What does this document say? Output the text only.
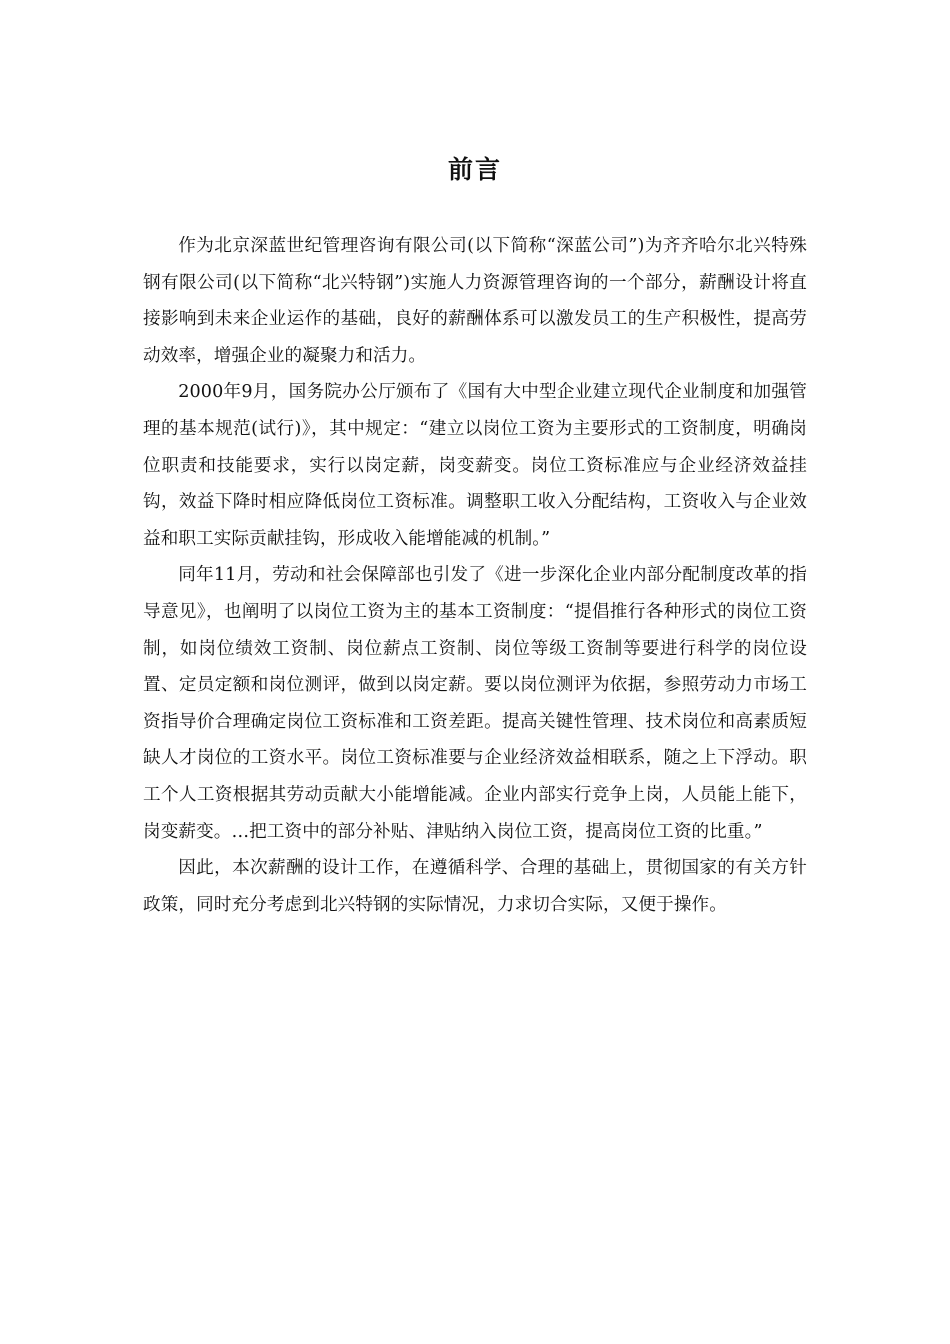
前言

作为北京深蓝世纪管理咨询有限公司(以下简称“深蓝公司”)为齐齐哈尔北兴特殊钢有限公司(以下简称“北兴特钢”)实施人力资源管理咨询的一个部分，薪酬设计将直接影响到未来企业运作的基础，良好的薪酬体系可以激发员工的生产积极性，提高劳动效率，增强企业的凝聚力和活力。

2000年9月，国务院办公厅颁布了《国有大中型企业建立现代企业制度和加强管理的基本规范(试行)》，其中规定：“建立以岗位工资为主要形式的工资制度，明确岗位职责和技能要求，实行以岗定薪，岗变薪变。岗位工资标准应与企业经济效益挂钩，效益下降时相应降低岗位工资标准。调整职工收入分配结构，工资收入与企业效益和职工实际贡献挂钩，形成收入能增能减的机制。”

同年11月，劳动和社会保障部也引发了《进一步深化企业内部分配制度改革的指导意见》，也阐明了以岗位工资为主的基本工资制度：“提倡推行各种形式的岗位工资制，如岗位绩效工资制、岗位薪点工资制、岗位等级工资制等要进行科学的岗位设置、定员定额和岗位测评，做到以岗定薪。要以岗位测评为依据，参照劳动力市场工资指导价合理确定岗位工资标准和工资差距。提高关键性管理、技术岗位和高素质短缺人才岗位的工资水平。岗位工资标准要与企业经济效益相联系，随之上下浮动。职工个人工资根据其劳动贡献大小能增能减。企业内部实行竞争上岗，人员能上能下，岗变薪变。…把工资中的部分补贴、津贴纳入岗位工资，提高岗位工资的比重。”

因此，本次薪酬的设计工作，在遵循科学、合理的基础上，贯彻国家的有关方针政策，同时充分考虑到北兴特钢的实际情况，力求切合实际，又便于操作。
